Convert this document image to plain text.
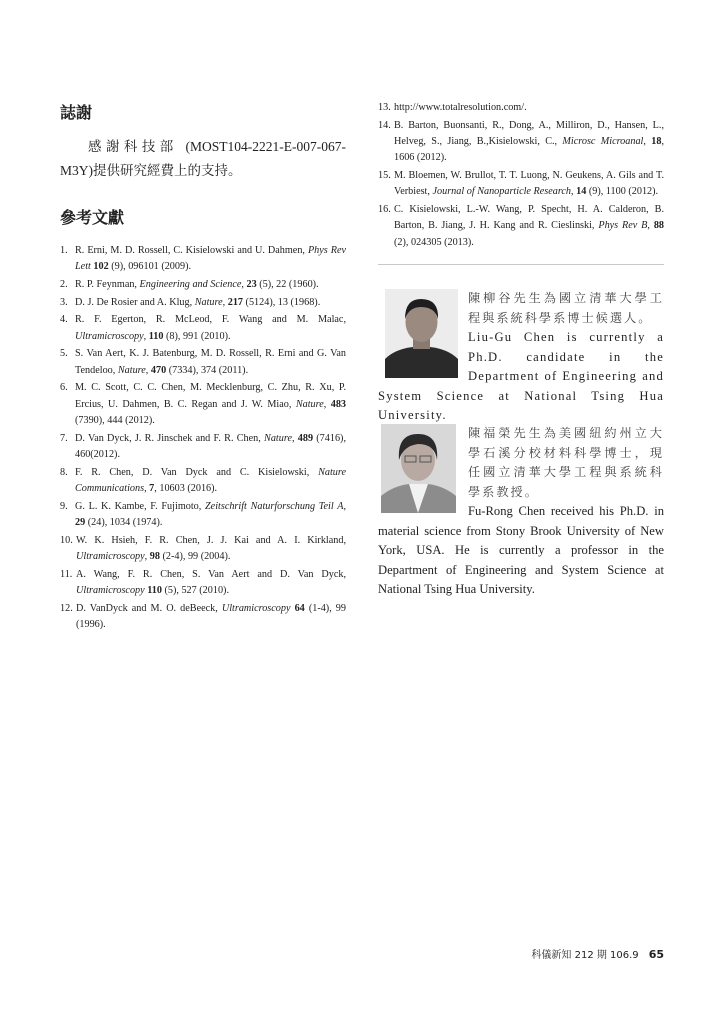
誌謝

感謝科技部 (MOST104-2221-E-007-067-M3Y)提供研究經費上的支持。

參考文獻
1. R. Erni, M. D. Rossell, C. Kisielowski and U. Dahmen, Phys Rev Lett 102 (9), 096101 (2009).
2. R. P. Feynman, Engineering and Science, 23 (5), 22 (1960).
3. D. J. De Rosier and A. Klug, Nature, 217 (5124), 13 (1968).
4. R. F. Egerton, R. McLeod, F. Wang and M. Malac, Ultramicroscopy, 110 (8), 991 (2010).
5. S. Van Aert, K. J. Batenburg, M. D. Rossell, R. Erni and G. Van Tendeloo, Nature, 470 (7334), 374 (2011).
6. M. C. Scott, C. C. Chen, M. Mecklenburg, C. Zhu, R. Xu, P. Ercius, U. Dahmen, B. C. Regan and J. W. Miao, Nature, 483 (7390), 444 (2012).
7. D. Van Dyck, J. R. Jinschek and F. R. Chen, Nature, 489 (7416), 460(2012).
8. F. R. Chen, D. Van Dyck and C. Kisielowski, Nature Communications, 7, 10603 (2016).
9. G. L. K. Kambe, F. Fujimoto, Zeitschrift Naturforschung Teil A, 29 (24), 1034 (1974).
10. W. K. Hsieh, F. R. Chen, J. J. Kai and A. I. Kirkland, Ultramicroscopy, 98 (2-4), 99 (2004).
11. A. Wang, F. R. Chen, S. Van Aert and D. Van Dyck, Ultramicroscopy 110 (5), 527 (2010).
12. D. VanDyck and M. O. deBeeck, Ultramicroscopy 64 (1-4), 99 (1996).
13. http://www.totalresolution.com/.
14. B. Barton, Buonsanti, R., Dong, A., Milliron, D., Hansen, L., Helveg, S., Jiang, B.,Kisielowski, C., Microsc Microanal, 18, 1606 (2012).
15. M. Bloemen, W. Brullot, T. T. Luong, N. Geukens, A. Gils and T. Verbiest, Journal of Nanoparticle Research, 14 (9), 1100 (2012).
16. C. Kisielowski, L.-W. Wang, P. Specht, H. A. Calderon, B. Barton, B. Jiang, J. H. Kang and R. Cieslinski, Phys Rev B, 88 (2), 024305 (2013).
陳柳谷先生為國立清華大學工程與系統科學系博士候選人。
Liu-Gu Chen is currently a Ph.D. candidate in the Department of Engineering and System Science at National Tsing Hua University.
陳福榮先生為美國紐約州立大學石溪分校材料科學博士，現任國立清華大學工程與系統科學系教授。
Fu-Rong Chen received his Ph.D. in material science from Stony Brook University of New York, USA. He is currently a professor in the Department of Engineering and System Science at National Tsing Hua University.
科儀新知 212 期 106.9 65
